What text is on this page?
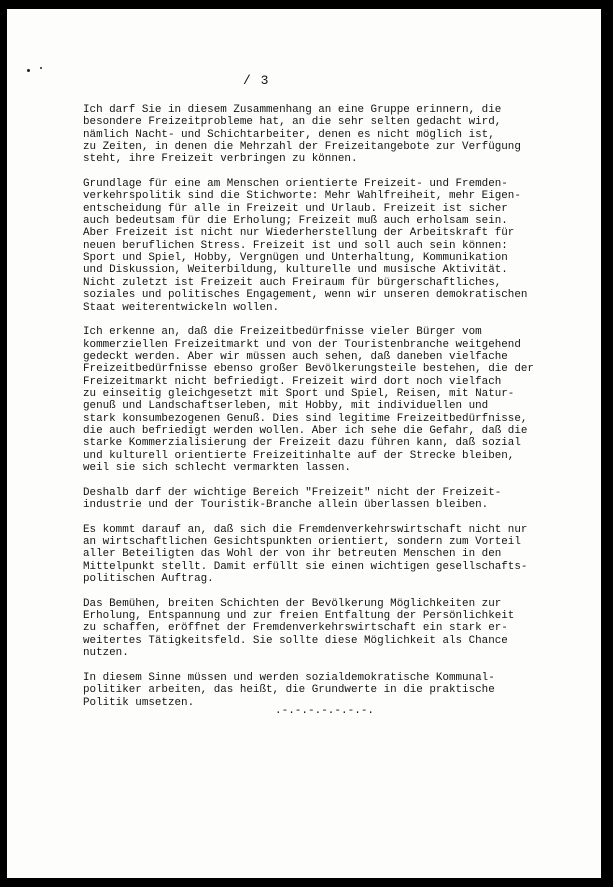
/ 3
Ich darf Sie in diesem Zusammenhang an eine Gruppe erinnern, die
besondere Freizeitprobleme hat, an die sehr selten gedacht wird,
nämlich Nacht- und Schichtarbeiter, denen es nicht möglich ist,
zu Zeiten, in denen die Mehrzahl der Freizeitangebote zur Verfügung
steht, ihre Freizeit verbringen zu können.
Grundlage für eine am Menschen orientierte Freizeit- und Fremden-
verkehrspolitik sind die Stichworte: Mehr Wahlfreiheit, mehr Eigen-
entscheidung für alle in Freizeit und Urlaub. Freizeit ist sicher
auch bedeutsam für die Erholung; Freizeit muß auch erholsam sein.
Aber Freizeit ist nicht nur Wiederherstellung der Arbeitskraft für
neuen beruflichen Stress. Freizeit ist und soll auch sein können:
Sport und Spiel, Hobby, Vergnügen und Unterhaltung, Kommunikation
und Diskussion, Weiterbildung, kulturelle und musische Aktivität.
Nicht zuletzt ist Freizeit auch Freiraum für bürgerschaftliches,
soziales und politisches Engagement, wenn wir unseren demokratischen
Staat weiterentwickeln wollen.
Ich erkenne an, daß die Freizeitbedürfnisse vieler Bürger vom
kommerziellen Freizeitmarkt und von der Touristenbranche weitgehend
gedeckt werden. Aber wir müssen auch sehen, daß daneben vielfache
Freizeitbedürfnisse ebenso großer Bevölkerungsteile bestehen, die der
Freizeitmarkt nicht befriedigt. Freizeit wird dort noch vielfach
zu einseitig gleichgesetzt mit Sport und Spiel, Reisen, mit Natur-
genuß und Landschaftserleben, mit Hobby, mit individuellen und
stark konsumbezogenen Genuß. Dies sind legitime Freizeitbedürfnisse,
die auch befriedigt werden wollen. Aber ich sehe die Gefahr, daß die
starke Kommerzialisierung der Freizeit dazu führen kann, daß sozial
und kulturell orientierte Freizeitinhalte auf der Strecke bleiben,
weil sie sich schlecht vermarkten lassen.
Deshalb darf der wichtige Bereich "Freizeit" nicht der Freizeit-
industrie und der Touristik-Branche allein überlassen bleiben.
Es kommt darauf an, daß sich die Fremdenverkehrswirtschaft nicht nur
an wirtschaftlichen Gesichtspunkten orientiert, sondern zum Vorteil
aller Beteiligten das Wohl der von ihr betreuten Menschen in den
Mittelpunkt stellt. Damit erfüllt sie einen wichtigen gesellschafts-
politischen Auftrag.
Das Bemühen, breiten Schichten der Bevölkerung Möglichkeiten zur
Erholung, Entspannung und zur freien Entfaltung der Persönlichkeit
zu schaffen, eröffnet der Fremdenverkehrswirtschaft ein stark er-
weitertes Tätigkeitsfeld. Sie sollte diese Möglichkeit als Chance
nutzen.
In diesem Sinne müssen und werden sozialdemokratische Kommunal-
politiker arbeiten, das heißt, die Grundwerte in die praktische
Politik umsetzen.
.-.-.-.-.-.-.-.
